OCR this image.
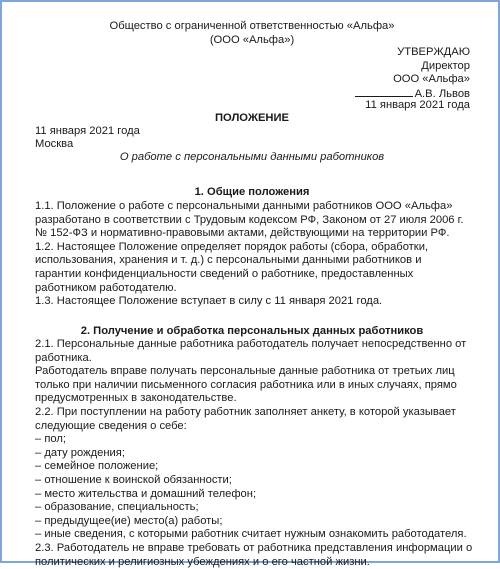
Общество с ограниченной ответственностью «Альфа»
(ООО «Альфа»)
УТВЕРЖДАЮ
Директор
ООО «Альфа»
А.В. Львов
11 января 2021 года
ПОЛОЖЕНИЕ
11 января 2021 года
Москва
О работе с персональными данными работников
1. Общие положения
1.1. Положение о работе с персональными данными работников ООО «Альфа»
разработано в соответствии с Трудовым кодексом РФ, Законом от 27 июля 2006 г.
№ 152-ФЗ и нормативно-правовыми актами, действующими на территории РФ.
1.2. Настоящее Положение определяет порядок работы (сбора, обработки,
использования, хранения и т. д.) с персональными данными работников и
гарантии конфиденциальности сведений о работнике, предоставленных
работником работодателю.
1.3. Настоящее Положение вступает в силу с 11 января 2021 года.
2. Получение и обработка персональных данных работников
2.1. Персональные данные работника работодатель получает непосредственно от
работника.
Работодатель вправе получать персональные данные работника от третьих лиц
только при наличии письменного согласия работника или в иных случаях, прямо
предусмотренных в законодательстве.
2.2. При поступлении на работу работник заполняет анкету, в которой указывает
следующие сведения о себе:
– пол;
– дату рождения;
– семейное положение;
– отношение к воинской обязанности;
– место жительства и домашний телефон;
– образование, специальность;
– предыдущее(ие) место(а) работы;
– иные сведения, с которыми работник считает нужным ознакомить работодателя.
2.3. Работодатель не вправе требовать от работника представления информации о
политических и религиозных убеждениях и о его частной жизни.
